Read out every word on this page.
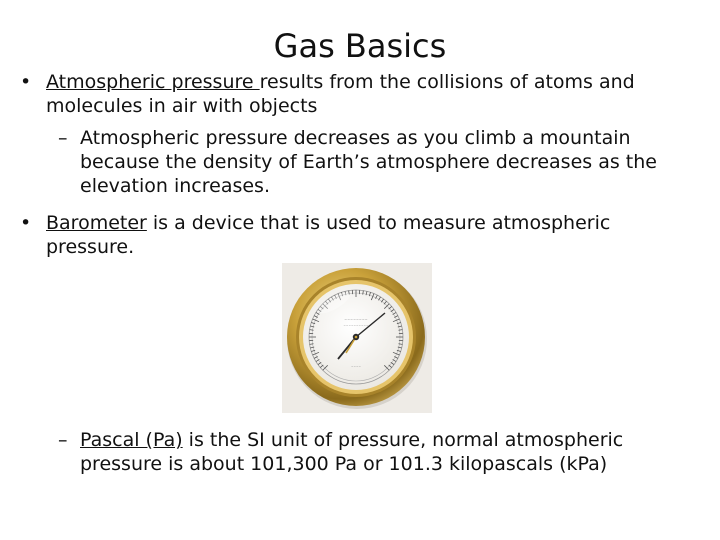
Gas Basics
• Atmospheric pressure results from the collisions of atoms and molecules in air with objects
– Atmospheric pressure decreases as you climb a mountain because the density of Earth’s atmosphere decreases as the elevation increases.
• Barometer is a device that is used to measure atmospheric pressure.
~~~~~~~~
~~~~~~~~~~
~~~~
– Pascal (Pa) is the SI unit of pressure, normal atmospheric pressure is about 101,300 Pa or 101.3 kilopascals (kPa)
